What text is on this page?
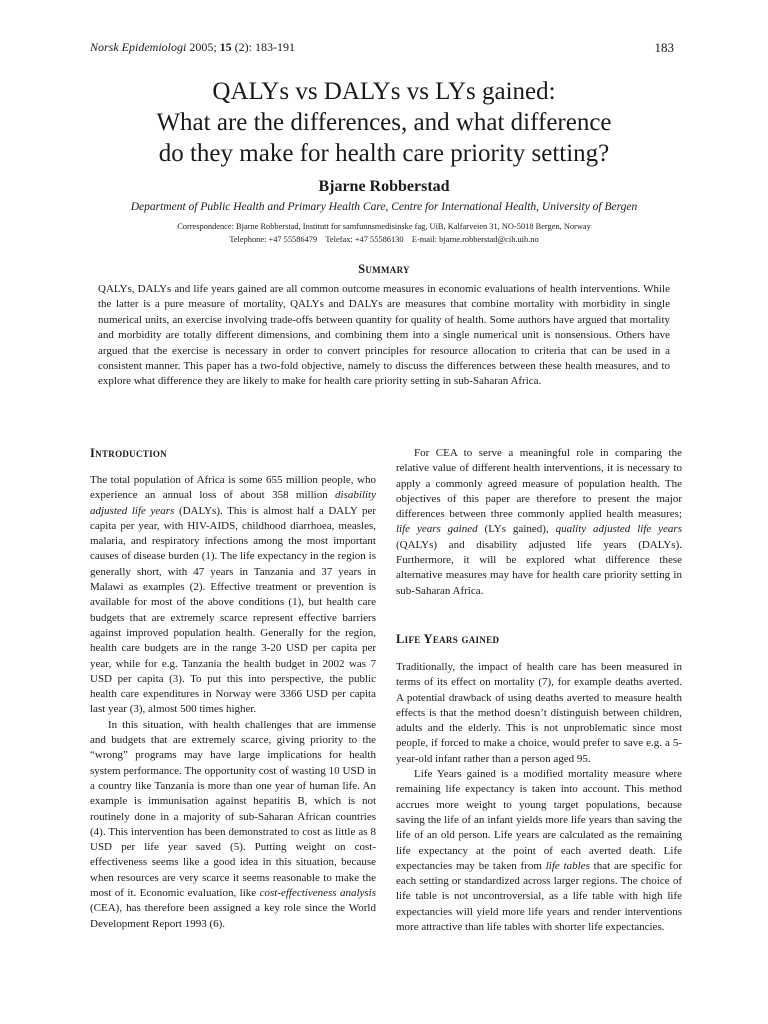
Norsk Epidemiologi 2005; 15 (2): 183-191	183
QALYs vs DALYs vs LYs gained:
What are the differences, and what difference
do they make for health care priority setting?
Bjarne Robberstad
Department of Public Health and Primary Health Care, Centre for International Health, University of Bergen
Correspondence: Bjarne Robberstad, Institutt for samfunnsmedisinske fag, UiB, Kalfarveien 31, NO-5018 Bergen, Norway
Telephone: +47 55586479    Telefax: +47 55586130    E-mail: bjarne.robberstad@cih.uib.no
Summary
QALYs, DALYs and life years gained are all common outcome measures in economic evaluations of health interventions. While the latter is a pure measure of mortality, QALYs and DALYs are measures that combine mortality with morbidity in single numerical units, an exercise involving trade-offs between quantity for quality of health. Some authors have argued that mortality and morbidity are totally different dimensions, and combining them into a single numerical unit is nonsensious. Others have argued that the exercise is necessary in order to convert principles for resource allocation to criteria that can be used in a consistent manner. This paper has a two-fold objective, namely to discuss the differences between these health measures, and to explore what difference they are likely to make for health care priority setting in sub-Saharan Africa.
Introduction

The total population of Africa is some 655 million people, who experience an annual loss of about 358 million disability adjusted life years (DALYs). This is almost half a DALY per capita per year, with HIV-AIDS, childhood diarrhoea, measles, malaria, and respiratory infections among the most important causes of disease burden (1). The life expectancy in the region is generally short, with 47 years in Tanzania and 37 years in Malawi as examples (2). Effective treatment or prevention is available for most of the above conditions (1), but health care budgets that are extremely scarce represent effective barriers against improved population health. Generally for the region, health care budgets are in the range 3-20 USD per capita per year, while for e.g. Tanzania the health budget in 2002 was 7 USD per capita (3). To put this into perspective, the public health care expenditures in Norway were 3366 USD per capita last year (3), almost 500 times higher.

In this situation, with health challenges that are immense and budgets that are extremely scarce, giving priority to the “wrong” programs may have large implications for health system performance. The opportunity cost of wasting 10 USD in a country like Tanzania is more than one year of human life. An example is immunisation against hepatitis B, which is not routinely done in a majority of sub-Saharan African countries (4). This intervention has been demonstrated to cost as little as 8 USD per life year saved (5). Putting weight on cost-effectiveness seems like a good idea in this situation, because when resources are very scarce it seems reasonable to make the most of it. Economic evaluation, like cost-effectiveness analysis (CEA), has therefore been assigned a key role since the World Development Report 1993 (6).

For CEA to serve a meaningful role in comparing the relative value of different health interventions, it is necessary to apply a commonly agreed measure of population health. The objectives of this paper are therefore to present the major differences between three commonly applied health measures; life years gained (LYs gained), quality adjusted life years (QALYs) and disability adjusted life years (DALYs). Furthermore, it will be explored what difference these alternative measures may have for health care priority setting in sub-Saharan Africa.

Life Years gained

Traditionally, the impact of health care has been measured in terms of its effect on mortality (7), for example deaths averted. A potential drawback of using deaths averted to measure health effects is that the method doesn’t distinguish between children, adults and the elderly. This is not unproblematic since most people, if forced to make a choice, would prefer to save e.g. a 5-year-old infant rather than a person aged 95.

Life Years gained is a modified mortality measure where remaining life expectancy is taken into account. This method accrues more weight to young target populations, because saving the life of an infant yields more life years than saving the life of an old person. Life years are calculated as the remaining life expectancy at the point of each averted death. Life expectancies may be taken from life tables that are specific for each setting or standardized across larger regions. The choice of life table is not uncontroversial, as a life table with high life expectancies will yield more life years and render interventions more attractive than life tables with shorter life expectancies.
